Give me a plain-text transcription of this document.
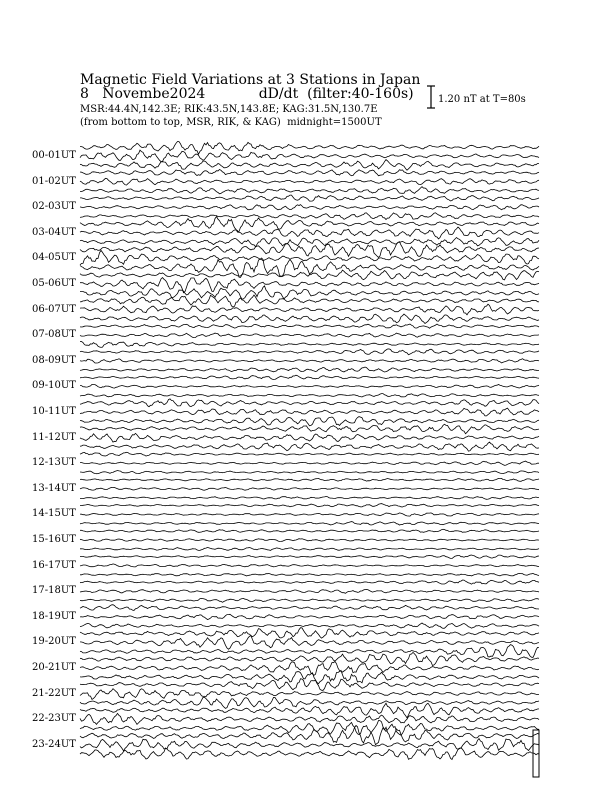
Magnetic Field Variations at 3 Stations in Japan
8 Novembe2024	dD/dt (filter:40-160s)
MSR:44.4N,142.3E; RIK:43.5N,143.8E; KAG:31.5N,130.7E
(from bottom to top, MSR, RIK, & KAG) midnight=1500UT
1.20 nT at T=80s
00-01UT
01-02UT
02-03UT
03-04UT
04-05UT
05-06UT
06-07UT
07-08UT
08-09UT
09-10UT
10-11UT
11-12UT
12-13UT
13-14UT
14-15UT
15-16UT
16-17UT
17-18UT
18-19UT
19-20UT
20-21UT
21-22UT
22-23UT
23-24UT
